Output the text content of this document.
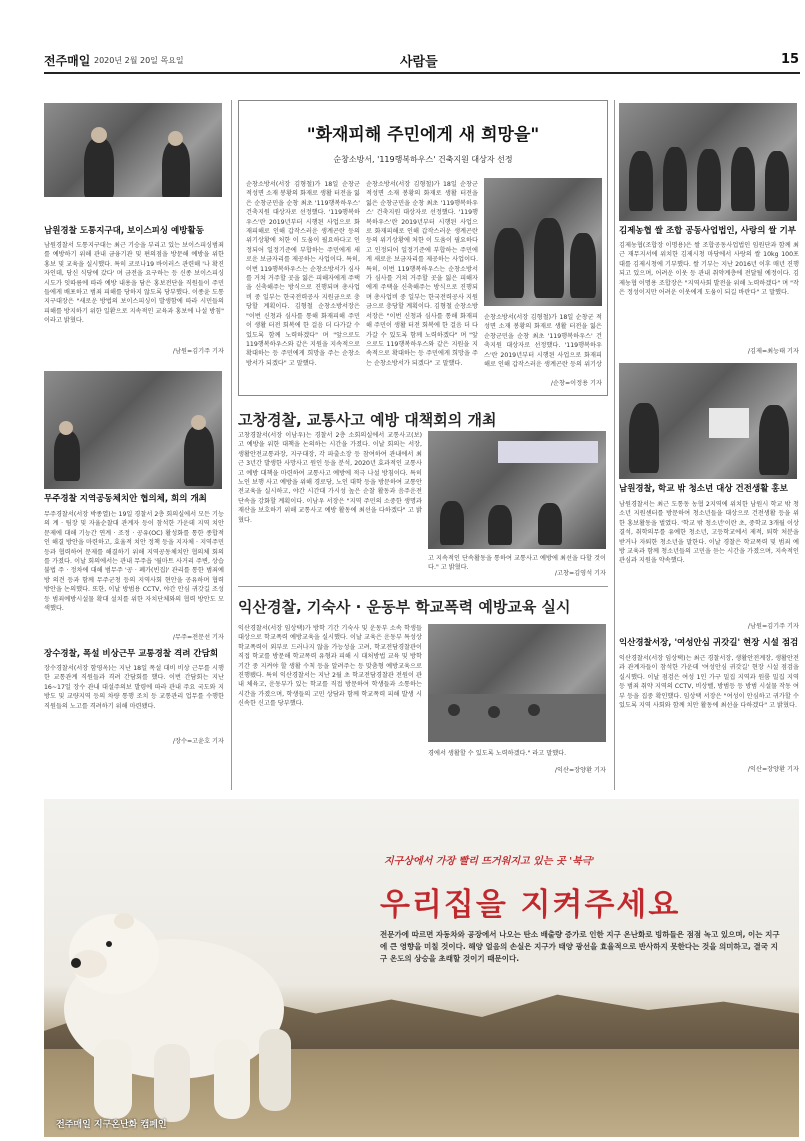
전주매일 2020년 2월 20일 목요일	사람들	15
남원경찰 도통지구대, 보이스피싱 예방활동
남원경찰서 도통지구대는 최근 기승을 부리고 있는 보이스피싱범죄를 예방하기 위해 관내 금융기관 및 편의점을 방문해 예방을 위한 홍보 및 교육을 실시했다. 특히 코로나19 바이러스 관련해 '나 확진자인데, 당신 식당에 갔다' 며 금전을 요구하는 등 신종 보이스피싱 시도가 잇따름에 따라 예방 내용을 담은 홍보전단을 직원들이 주민들에게 배포하고 범죄 피해를 당하지 않도록 당부했다. 이종윤 도통지구대장은 "새로운 방법의 보이스피싱이 발생함에 따라 시민들의 피해를 방지하기 위한 일환으로 지속적인 교육과 홍보에 나설 방침" 이라고 밝혔다.
/남원=김기주 기자
무주경찰 지역공동체치안 협의체, 회의 개최
무주경찰서(서장 박종열)는 19일 경찰서 2층 회의실에서 모든 기능의 계 · 팀장 및 자율순찰대 관계자 등이 참석한 가운데 지역 치안 문제에 대해 기능간 연계 · 조정 · 공유(OC) 활성화를 통한 종합적인 해결 방안을 마련하고, 효율적 치안 정책 등을 지자체 · 지역주민 등과 협력하여 문제를 해결하기 위해 지역공동체치안 협의체 회의를 가졌다. 이날 회의에서는 관내 무주읍 '월마트 사거리 주변, 상습 불법 주 · 정차에 대해 범무주 '공 · 폐가(빈집)' 관리를 통한 범죄예방 의견 등과 함께 무주군청 등의 지역사회 현안을 공유하며 협력 방안을 논의했다. 또한, 이날 방범용 CCTV, 야간 안심 귀갓길 조성 등 범죄예방시설물 확대 설치를 위한 자치단체와의 협력 방안도 모색했다.
/무주=전문선 기자
장수경찰, 폭설 비상근무 교통경찰 격려 간담회
장수경찰서(서장 함영옥)는 지난 18일 폭설 대비 비상 근무를 시행한 교통관계 직원들과 격려 간담회를 했다. 이번 간담회는 지난 16~17일 장수 관내 대설주의보 발령에 따라 관내 주요 국도와 지방도 및 교량지역 등의 차량 통행 조치 등 교통관리 업무를 수행한 직원들의 노고를 격려하기 위해 마련됐다.
/장수=고윤호 기자
"화재피해 주민에게 새 희망을"
순창소방서, '119행복하우스' 건축지원 대상자 선정
순창소방서(서장 김형철)가 18일 순창군 적성면 소재 봉황의 화재로 생활 터전을 잃은 순창군민을 순창 최초 '119행복하우스' 건축지원 대상자로 선정했다. '119행복하우스'란 2019년부터 시행된 사업으로 화재피해로 인해 갑작스러운 생계곤란 등의 위기상황에 처한 이 도움이 필요하다고 인정되어 일정기준에 부합하는 주민에게 새로운 보금자리를 제공하는 사업이다. 특히, 이번 119행복하우스는 순창소방서가 심사를 거쳐 거주할 곳을 잃은 피해자에게 주택을 신축해주는 방식으로 진행되며 총사업비 중 일부는 한국전력공사 지원금으로 충당할 계획이다. 김형철 순창소방서장은 "이번 신청과 심사를 통해 화재피해 주민이 생활 터전 회복에 한 걸음 더 다가갈 수 있도록 함께 노력하겠다" 며 "앞으로도 119행복하우스와 같은 지원을 지속적으로 확대하는 등 주민에게 희망을 주는 순창소방서가 되겠다" 고 말했다.
순창소방서(서장 김형철)가 18일 순창군 적성면 소재 봉황의 화재로 생활 터전을 잃은 순창군민을 순창 최초 '119행복하우스' 건축지원 대상자로 선정했다. '119행복하우스'란 2019년부터 시행된 사업으로 화재피해로 인해 갑작스러운 생계곤란 등의 위기상황에 처한 이 도움이 필요하다고 인정되어 일정기준에 부합하는 주민에게 새로운 보금자리를 제공하는 사업이다. 특히, 이번 119행복하우스는 순창소방서가 심사를 거쳐 거주할 곳을 잃은 피해자에게 주택을 신축해주는 방식으로 진행되며 총사업비 중 일부는 한국전력공사 지원금으로 충당할 계획이다. 김형철 순창소방서장은 "이번 신청과 심사를 통해 화재피해 주민이 생활 터전 회복에 한 걸음 더 다가갈 수 있도록 함께 노력하겠다" 며 "앞으로도 119행복하우스와 같은 지원을 지속적으로 확대하는 등 주민에게 희망을 주는 순창소방서가 되겠다" 고 말했다.
순창소방서(서장 김형철)가 18일 순창군 적성면 소재 봉황의 화재로 생활 터전을 잃은 순창군민을 순창 최초 '119행복하우스' 건축지원 대상자로 선정했다. '119행복하우스'란 2019년부터 시행된 사업으로 화재피해로 인해 갑작스러운 생계곤란 등의 위기상
/순창=이정용 기자
고창경찰, 교통사고 예방 대책회의 개최
고창경찰서(서장 이남우)는 경찰서 2층 소회의실에서 교통사고(보)고 예방을 위한 대책을 논의하는 시간을 가졌다. 이날 회의는 서장, 생활안전교통과장, 지구대장, 각 파출소장 등 참여하여 관내에서 최근 3년간 발생한 사망사고 원인 등을 분석, 2020년 효과적인 교통사고 예방 대책을 마련하여 교통사고 예방에 적극 나설 방침이다. 특히 노인 보행 사고 예방을 위해 경로당, 노인 대학 등을 방문하여 교통안전교육을 실시하고, 야간 시간대 가시성 높은 순찰 활동과 음주운전 단속을 강화할 계획이다. 이남우 서장은 "지역 주민의 소중한 생명과 재산을 보호하기 위해 교통사고 예방 활동에 최선을 다하겠다" 고 밝혔다.
고 지속적인 단속활동을 통하여 교통사고 예방에 최선을 다할 것이다." 고 밝혔다.
/고창=김영석 기자
익산경찰, 기숙사 · 운동부 학교폭력 예방교육 실시
익산경찰서(서장 임상택)가 방학 기간 기숙사 및 운동부 소속 학생들 대상으로 학교폭력 예방교육을 실시했다. 이날 교육은 운동부 특성상 학교폭력이 외부로 드러나지 않을 가능성을 고려, 학교전담경찰관이 직접 학교를 방문해 학교폭력 유형과 피해 시 대처방법 교육 및 방학 기간 중 지켜야 할 생활 수칙 등을 알려주는 등 맞춤형 예방교육으로 진행됐다. 특히 익산경찰서는 지난 2월 초 학교전담경찰관 전원이 관내 체육고, 운동부가 있는 학교를 직접 방문하여 학생들과 소통하는 시간을 가졌으며, 학생들의 고민 상담과 함께 학교폭력 피해 발생 시 신속한 신고를 당부했다.
경에서 생활할 수 있도록 노력하겠다." 라고 말했다.
/익산=장양환 기자
김제농협 쌀 조합 공동사업법인, 사랑의 쌀 기부
김제농협(조합장 이명용)은 쌀 조합공동사업법인 임원단과 함께 최근 재무지서에 위치한 김제시청 마당에서 사랑의 쌀 10kg 100포대를 김제시청에 기부했다. 쌀 기부는 지난 2016년 이후 매년 진행되고 있으며, 어려운 이웃 등 관내 취약계층에 전달될 예정이다. 김제농협 이명용 조합장은 "지역사회 발전을 위해 노력하겠다" 며 "작은 정성이지만 어려운 이웃에게 도움이 되길 바란다" 고 말했다.
/김제=최능태 기자
남원경찰, 학교 밖 청소년 대상 건전생활 홍보
남원경찰서는 최근 도통동 농협 2지역에 위치한 남원시 학교 밖 청소년 지원센터를 방문하여 청소년들을 대상으로 건전생활 등을 위한 홍보활동을 벌였다. '학교 밖 청소년'이란 초, 중학교 3개월 이상 결석, 취학의무를 유예한 청소년, 고등학교에서 제적, 퇴학 처분을 받거나 자퇴한 청소년을 말한다. 이날 경찰은 학교폭력 및 범죄 예방 교육과 함께 청소년들의 고민을 듣는 시간을 가졌으며, 지속적인 관심과 지원을 약속했다.
/남원=김기주 기자
익산경찰서장, '여성안심 귀갓길' 현장 시설 점검
익산경찰서(서장 임상택)는 최근 경찰서장, 생활안전계장, 생활안전과 관계자들이 참석한 가운데 '여성안심 귀갓길' 현장 시설 점검을 실시했다. 이날 점검은 여성 1인 가구 밀집 지역과 원룸 밀집 지역 등 범죄 취약 지역의 CCTV, 비상벨, 방범등 등 방범 시설물 작동 여부 등을 집중 확인했다. 임상택 서장은 "여성이 안심하고 귀가할 수 있도록 지역 사회와 함께 치안 활동에 최선을 다하겠다" 고 밝혔다.
/익산=장양환 기자
지구상에서 가장 빨리 뜨거워지고 있는 곳 '북극'
우리집을 지켜주세요
전문가에 따르면 자동차와 공장에서 나오는 탄소 배출량 증가로 인한 지구 온난화로 빙하들은 점점 녹고 있으며, 이는 지구에 큰 영향을 미칠 것이다. 해양 얼음의 손실은 지구가 태양 광선을 효율적으로 반사하지 못한다는 것을 의미하고, 결국 지구 온도의 상승을 초래할 것이기 때문이다.
전주매일 지구온난화 캠페인
